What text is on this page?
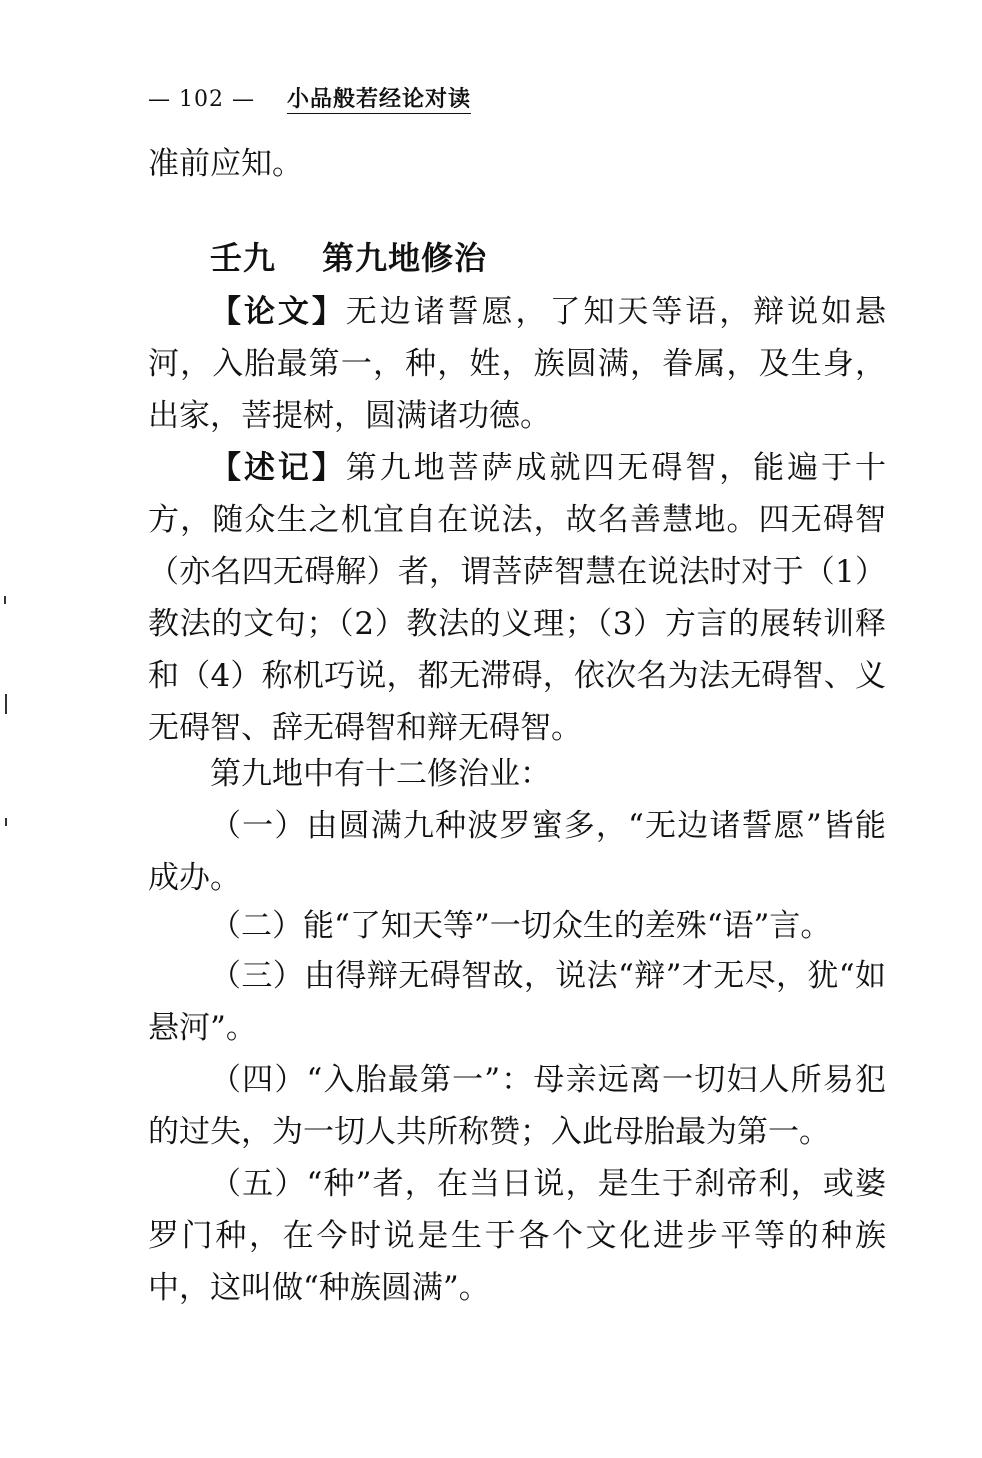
— 102 — 小品般若经论对读

准前应知。

壬九 第九地修治

【论文】无边诸誓愿，了知天等语，辩说如悬河，入胎最第一，种，姓，族圆满，眷属，及生身，出家，菩提树，圆满诸功德。

【述记】第九地菩萨成就四无碍智，能遍于十方，随众生之机宜自在说法，故名善慧地。四无碍智（亦名四无碍解）者，谓菩萨智慧在说法时对于（1）教法的文句；（2）教法的义理；（3）方言的展转训释和（4）称机巧说，都无滞碍，依次名为法无碍智、义无碍智、辞无碍智和辩无碍智。

第九地中有十二修治业：

（一）由圆满九种波罗蜜多，“无边诸誓愿”皆能成办。

（二）能“了知天等”一切众生的差殊“语”言。

（三）由得辩无碍智故，说法“辩”才无尽，犹“如悬河”。

（四）“入胎最第一”：母亲远离一切妇人所易犯的过失，为一切人共所称赞；入此母胎最为第一。

（五）“种”者，在当日说，是生于刹帝利，或婆罗门种，在今时说是生于各个文化进步平等的种族中，这叫做“种族圆满”。
